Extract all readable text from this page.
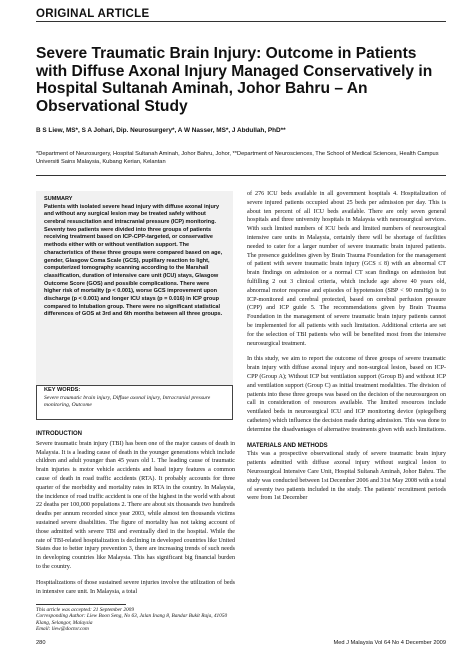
ORIGINAL ARTICLE
Severe Traumatic Brain Injury: Outcome in Patients with Diffuse Axonal Injury Managed Conservatively in Hospital Sultanah Aminah, Johor Bahru – An Observational Study
B S Liew, MS*, S A Johari, Dip. Neurosurgery*, A W Nasser, MS*, J Abdullah, PhD**
*Department of Neurosurgery, Hospital Sultanah Aminah, Johor Bahru, Johor, **Department of Neurosciences, The School of Medical Sciences, Health Campus Universiti Sains Malaysia, Kubang Kerian, Kelantan
SUMMARY
Patients with isolated severe head injury with diffuse axonal injury and without any surgical lesion may be treated safely without cerebral resuscitation and intracranial pressure (ICP) monitoring. Seventy two patients were divided into three groups of patients receiving treatment based on ICP-CPP-targeted, or conservative methods either with or without ventilation support. The characteristics of these three groups were compared based on age, gender, Glasgow Coma Scale (GCS), pupillary reaction to light, computerized tomography scanning according to the Marshall classification, duration of intensive care unit (ICU) stays, Glasgow Outcome Score (GOS) and possible complications. There were higher risk of mortality (p < 0.001), worse GCS improvement upon discharge (p < 0.001) and longer ICU stays (p = 0.016) in ICP group compared to Intubation group. There were no significant statistical differences of GOS at 3rd and 6th months between all three groups.
KEY WORDS:
Severe traumatic brain injury, Diffuse axonal injury, Intracranial pressure monitoring, Outcome
INTRODUCTION

Severe traumatic brain injury (TBI) has been one of the major causes of death in Malaysia. It is a leading cause of death in the younger generations which include children and adult younger than 45 years old 1. The leading cause of traumatic brain injuries is motor vehicle accidents and head injury features a common cause of death in road traffic accidents (RTA). It probably accounts for three quarter of the morbidity and mortality rates in RTA in the country. In Malaysia, the incidence of road traffic accident is one of the highest in the world with about 22 deaths per 100,000 populations 2. There are about six thousands two hundreds deaths per annum recorded since year 2003, while almost ten thousands victims sustained severe disabilities. The figure of mortality has not taking account of those admitted with severe TBI and eventually died in the hospital. While the rate of TBI-related hospitalization is declining in developed countries like United States due to better injury prevention 3, there are increasing trends of such needs in developing countries like Malaysia. This has significant big financial burden to the country.

Hospitalizations of those sustained severe injuries involve the utilization of beds in intensive care unit. In Malaysia, a total

of 276 ICU beds available in all government hospitals 4. Hospitalization of severe injured patients occupied about 25 beds per admission per day. This is about ten percent of all ICU beds available. There are only seven general hospitals and three university hospitals in Malaysia with neurosurgical services. With such limited numbers of ICU beds and limited numbers of neurosurgical intensive care units in Malaysia, certainly there will be shortage of facilities needed to cater for a larger number of severe traumatic brain injured patients. The presence guidelines given by Brain Trauma Foundation for the management of patient with severe traumatic brain injury (GCS ≤ 8) with an abnormal CT brain findings on admission or a normal CT scan findings on admission but fulfilling 2 out 3 clinical criteria, which include age above 40 years old, abnormal motor response and episodes of hypotension (SBP < 90 mmHg) is to ICP-monitored and cerebral protected, based on cerebral perfusion pressure (CPP) and ICP guide 5. The recommendations given by Brain Trauma Foundation in the management of severe traumatic brain injury patients cannot be implemented for all patients with such limitation. Additional criteria are set for the selection of TBI patients who will be benefited most from the intensive neurosurgical treatment.

In this study, we aim to report the outcome of three groups of severe traumatic brain injury with diffuse axonal injury and non-surgical lesion, based on ICP-CPP (Group A); Without ICP but ventilation support (Group B) and without ICP and ventilation support (Group C) as initial treatment modalities. The division of patients into these three groups was based on the decision of the neurosurgeon on call in consideration of resources available. The limited resources include ventilated beds in neurosurgical ICU and ICP monitoring device (spiegelberg catheters) which influence the decision made during admission. This was done to determine the disadvantages of alternative treatments given with such limitations.

MATERIALS AND METHODS

This was a prospective observational study of severe traumatic brain injury patients admitted with diffuse axonal injury without surgical lesion to Neurosurgical Intensive Care Unit, Hospital Sultanah Aminah, Johor Bahru. The study was conducted between 1st December 2006 and 31st May 2008 with a total of seventy two patients included in the study. The patients' recruitment periods were from 1st December

This article was accepted: 21 September 2009
Corresponding Author: Liew Boon Seng, No 63, Jalan Inang 8, Bandar Bukit Raja, 41050 Klang, Selangor, Malaysia
Email: liew@doctor.com
280	Med J Malaysia Vol 64 No 4 December 2009
